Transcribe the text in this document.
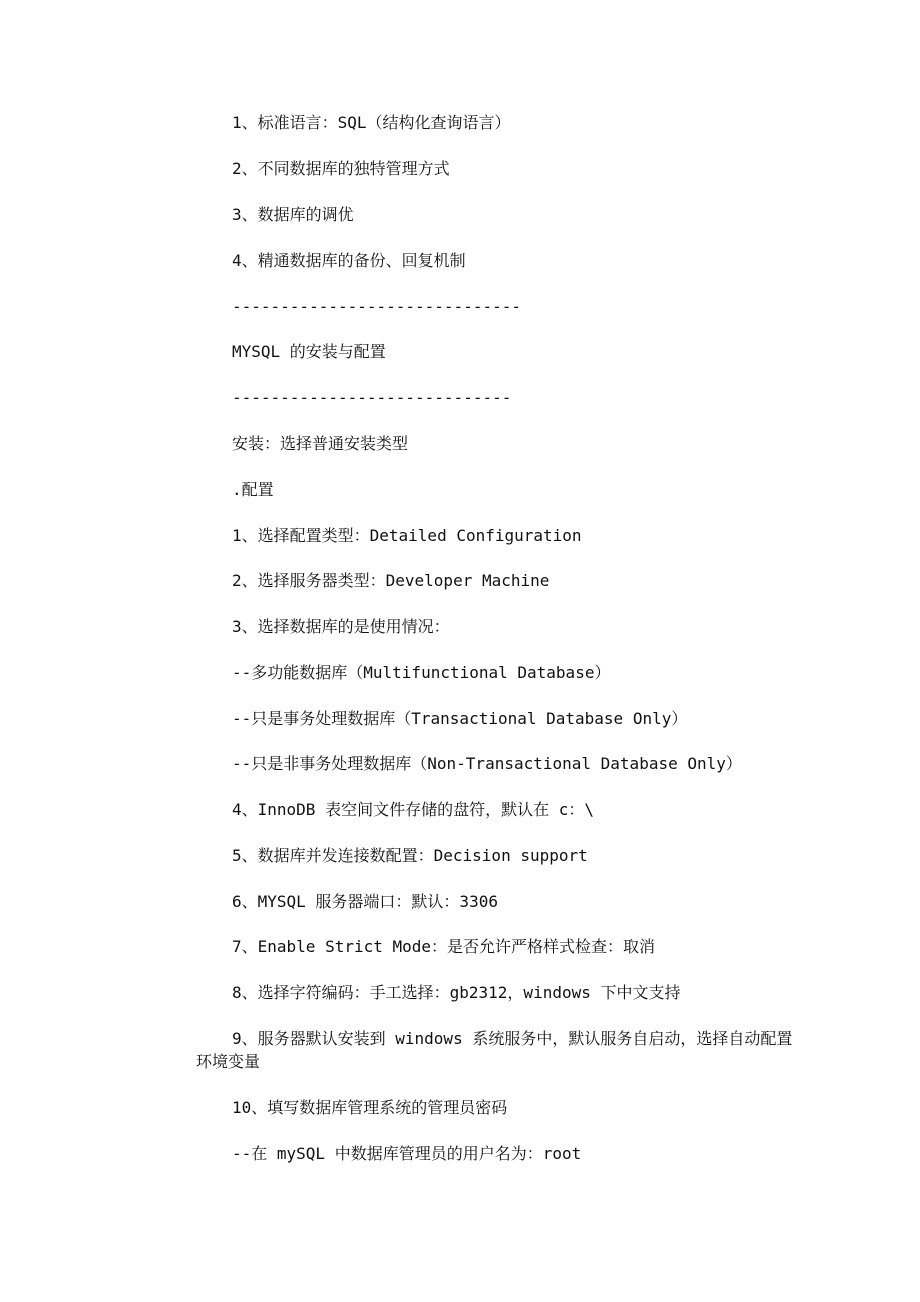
1、标准语言：SQL（结构化查询语言）
2、不同数据库的独特管理方式
3、数据库的调优
4、精通数据库的备份、回复机制
------------------------------
MYSQL 的安装与配置
-----------------------------
安装：选择普通安装类型
.配置
1、选择配置类型：Detailed Configuration
2、选择服务器类型：Developer Machine
3、选择数据库的是使用情况：
--多功能数据库（Multifunctional Database）
--只是事务处理数据库（Transactional Database Only）
--只是非事务处理数据库（Non-Transactional Database Only）
4、InnoDB 表空间文件存储的盘符，默认在 c：\
5、数据库并发连接数配置：Decision support
6、MYSQL 服务器端口：默认：3306
7、Enable Strict Mode：是否允许严格样式检查：取消
8、选择字符编码：手工选择：gb2312，windows 下中文支持
9、服务器默认安装到 windows 系统服务中，默认服务自启动，选择自动配置环境变量
10、填写数据库管理系统的管理员密码
--在 mySQL 中数据库管理员的用户名为：root
